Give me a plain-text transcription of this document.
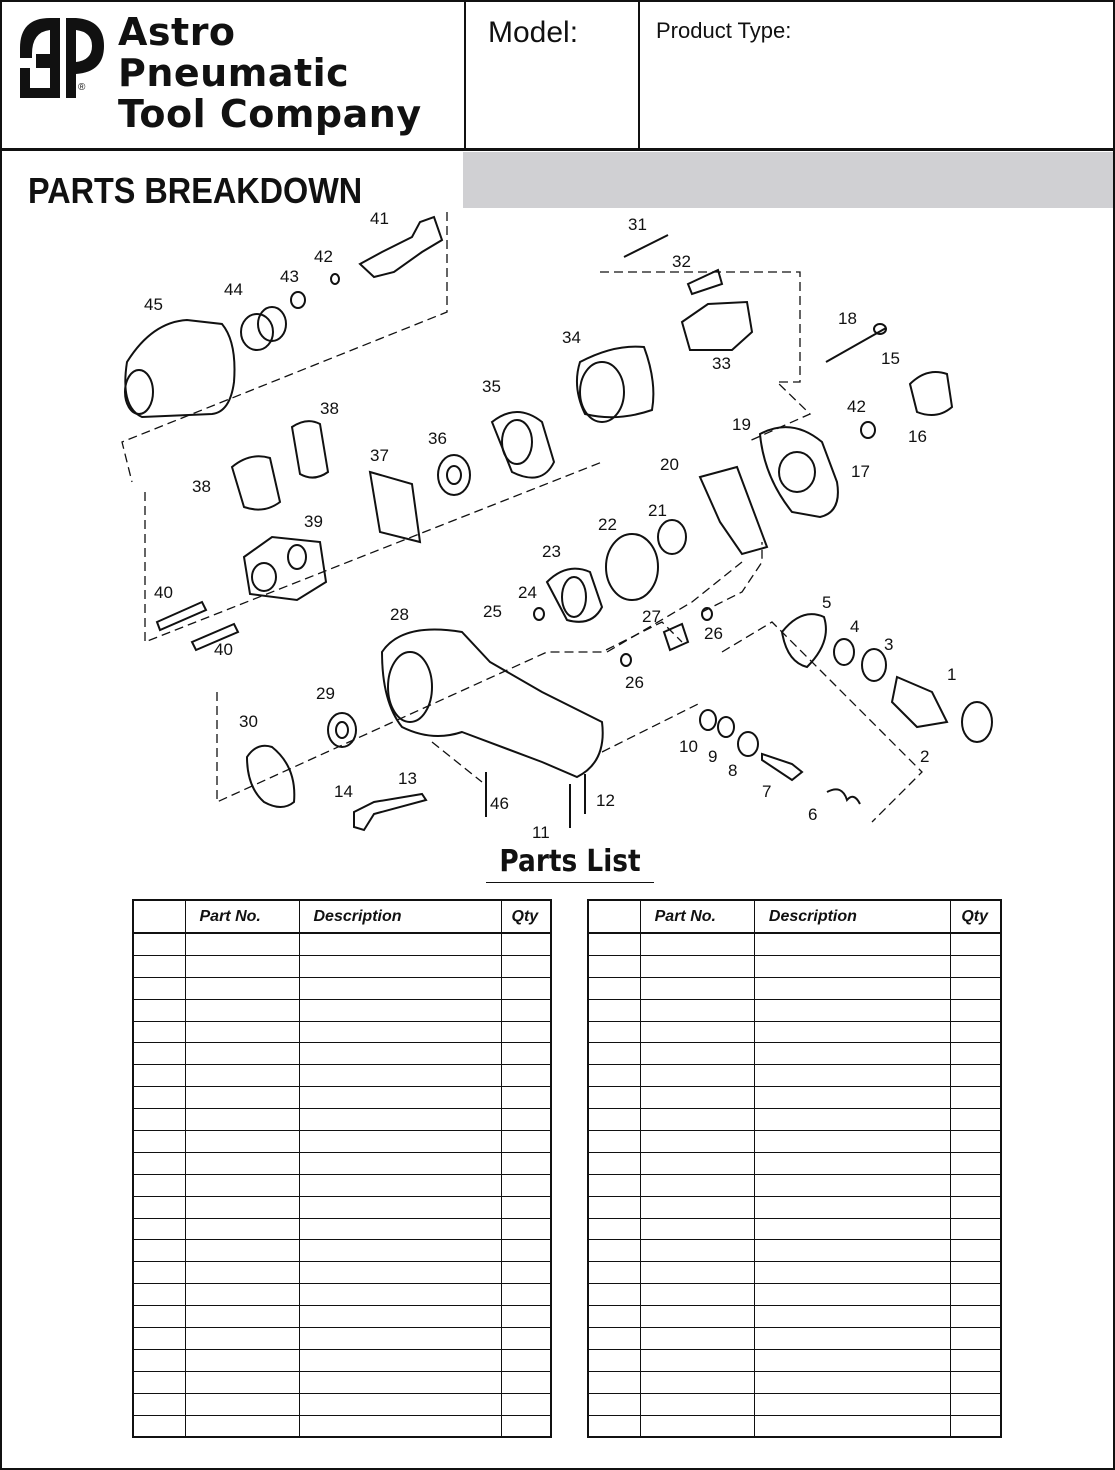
Astro Pneumatic
Tool Company
®
Model:	Product Type:
PARTS BREAKDOWN
1
2
3
4
5
6
7
8
9
10
11
12
13
14
15
16
17
18
19
20
21
22
23
24
25
26
26
27
28
29
30
31
32
33
34
35
36
37
38
38
39
40
40
41
42
42
43
44
45
46
Parts List
	Part No.	Description	Qty

		Part No.	Description	Qty
